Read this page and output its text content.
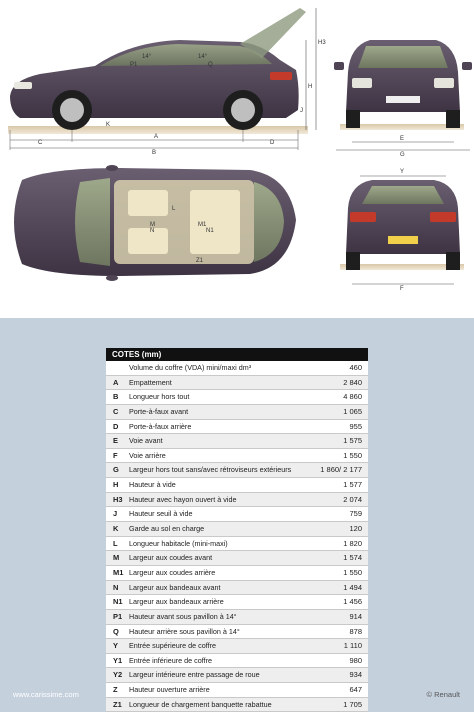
C
A
D
B
K
H
H3
J
14°	14°
P1	Q
E
G
M	M1
N	N1
L
Z1
Y
F
COTES (mm)
Volume du coffre (VDA) mini/maxi dm³	460
A	Empattement	2 840
B	Longueur hors tout	4 860
C	Porte-à-faux avant	1 065
D	Porte-à-faux arrière	955
E	Voie avant	1 575
F	Voie arrière	1 550
G	Largeur hors tout sans/avec rétroviseurs extérieurs	1 860/ 2 177
H	Hauteur à vide	1 577
H3 Hauteur avec hayon ouvert à vide	2 074
J	Hauteur seuil à vide	759
K	Garde au sol en charge	120
L	Longueur habitacle (mini-maxi)	1 820
M	Largeur aux coudes avant	1 574
M1 Largeur aux coudes arrière	1 550
N	Largeur aux bandeaux avant	1 494
N1 Largeur aux bandeaux arrière	1 456
P1 Hauteur avant sous pavillon à 14°	914
Q	Hauteur arrière sous pavillon à 14°	878
Y	Entrée supérieure de coffre	1 110
Y1 Entrée inférieure de coffre	980
Y2 Largeur intérieure entre passage de roue	934
Z	Hauteur ouverture arrière	647
Z1	Longueur de chargement banquette rabattue	1 705
www.carissime.com	© Renault
